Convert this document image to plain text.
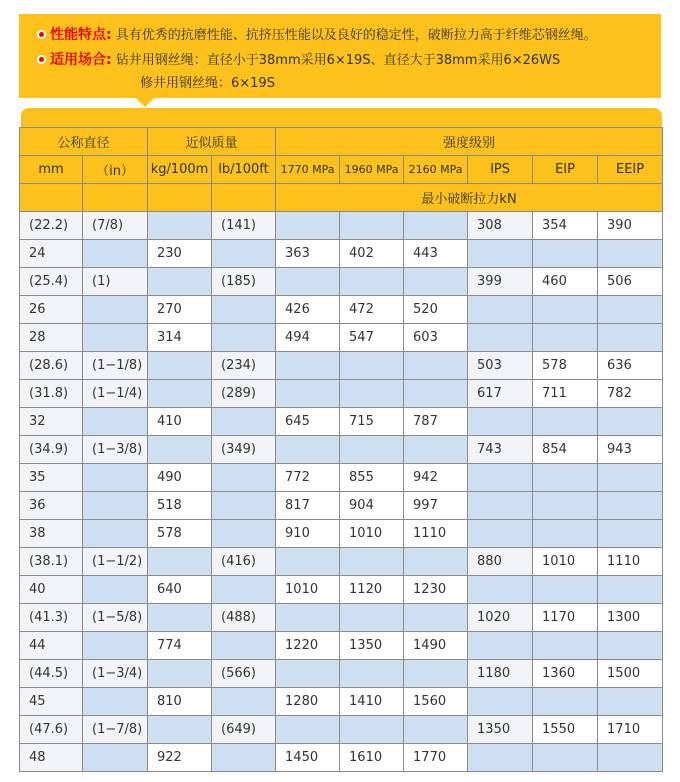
性能特点: 具有优秀的抗磨性能、抗挤压性能以及良好的稳定性，破断拉力高于纤维芯钢丝绳。
适用场合: 钻井用钢丝绳：直径小于38mm采用6×19S、直径大于38mm采用6×26WS
修井用钢丝绳：6×19S
公称直径		近似质量		强度级别					
mm	（in）	kg/100m	lb/100ft	1770 MPa	1960 MPa	2160 MPa	IPS	EIP	EEIP
				最小破断拉力kN					
(22.2)	(7/8)		(141)				308	354	390
24		230		363	402	443			
(25.4)	(1)		(185)				399	460	506
26		270		426	472	520			
28		314		494	547	603			
(28.6)	(1−1/8)		(234)				503	578	636
(31.8)	(1−1/4)		(289)				617	711	782
32		410		645	715	787			
(34.9)	(1−3/8)		(349)				743	854	943
35		490		772	855	942			
36		518		817	904	997			
38		578		910	1010	1110			
(38.1)	(1−1/2)		(416)				880	1010	1110
40		640		1010	1120	1230			
(41.3)	(1−5/8)		(488)				1020	1170	1300
44		774		1220	1350	1490			
(44.5)	(1−3/4)		(566)				1180	1360	1500
45		810		1280	1410	1560			
(47.6)	(1−7/8)		(649)				1350	1550	1710
48		922		1450	1610	1770			
